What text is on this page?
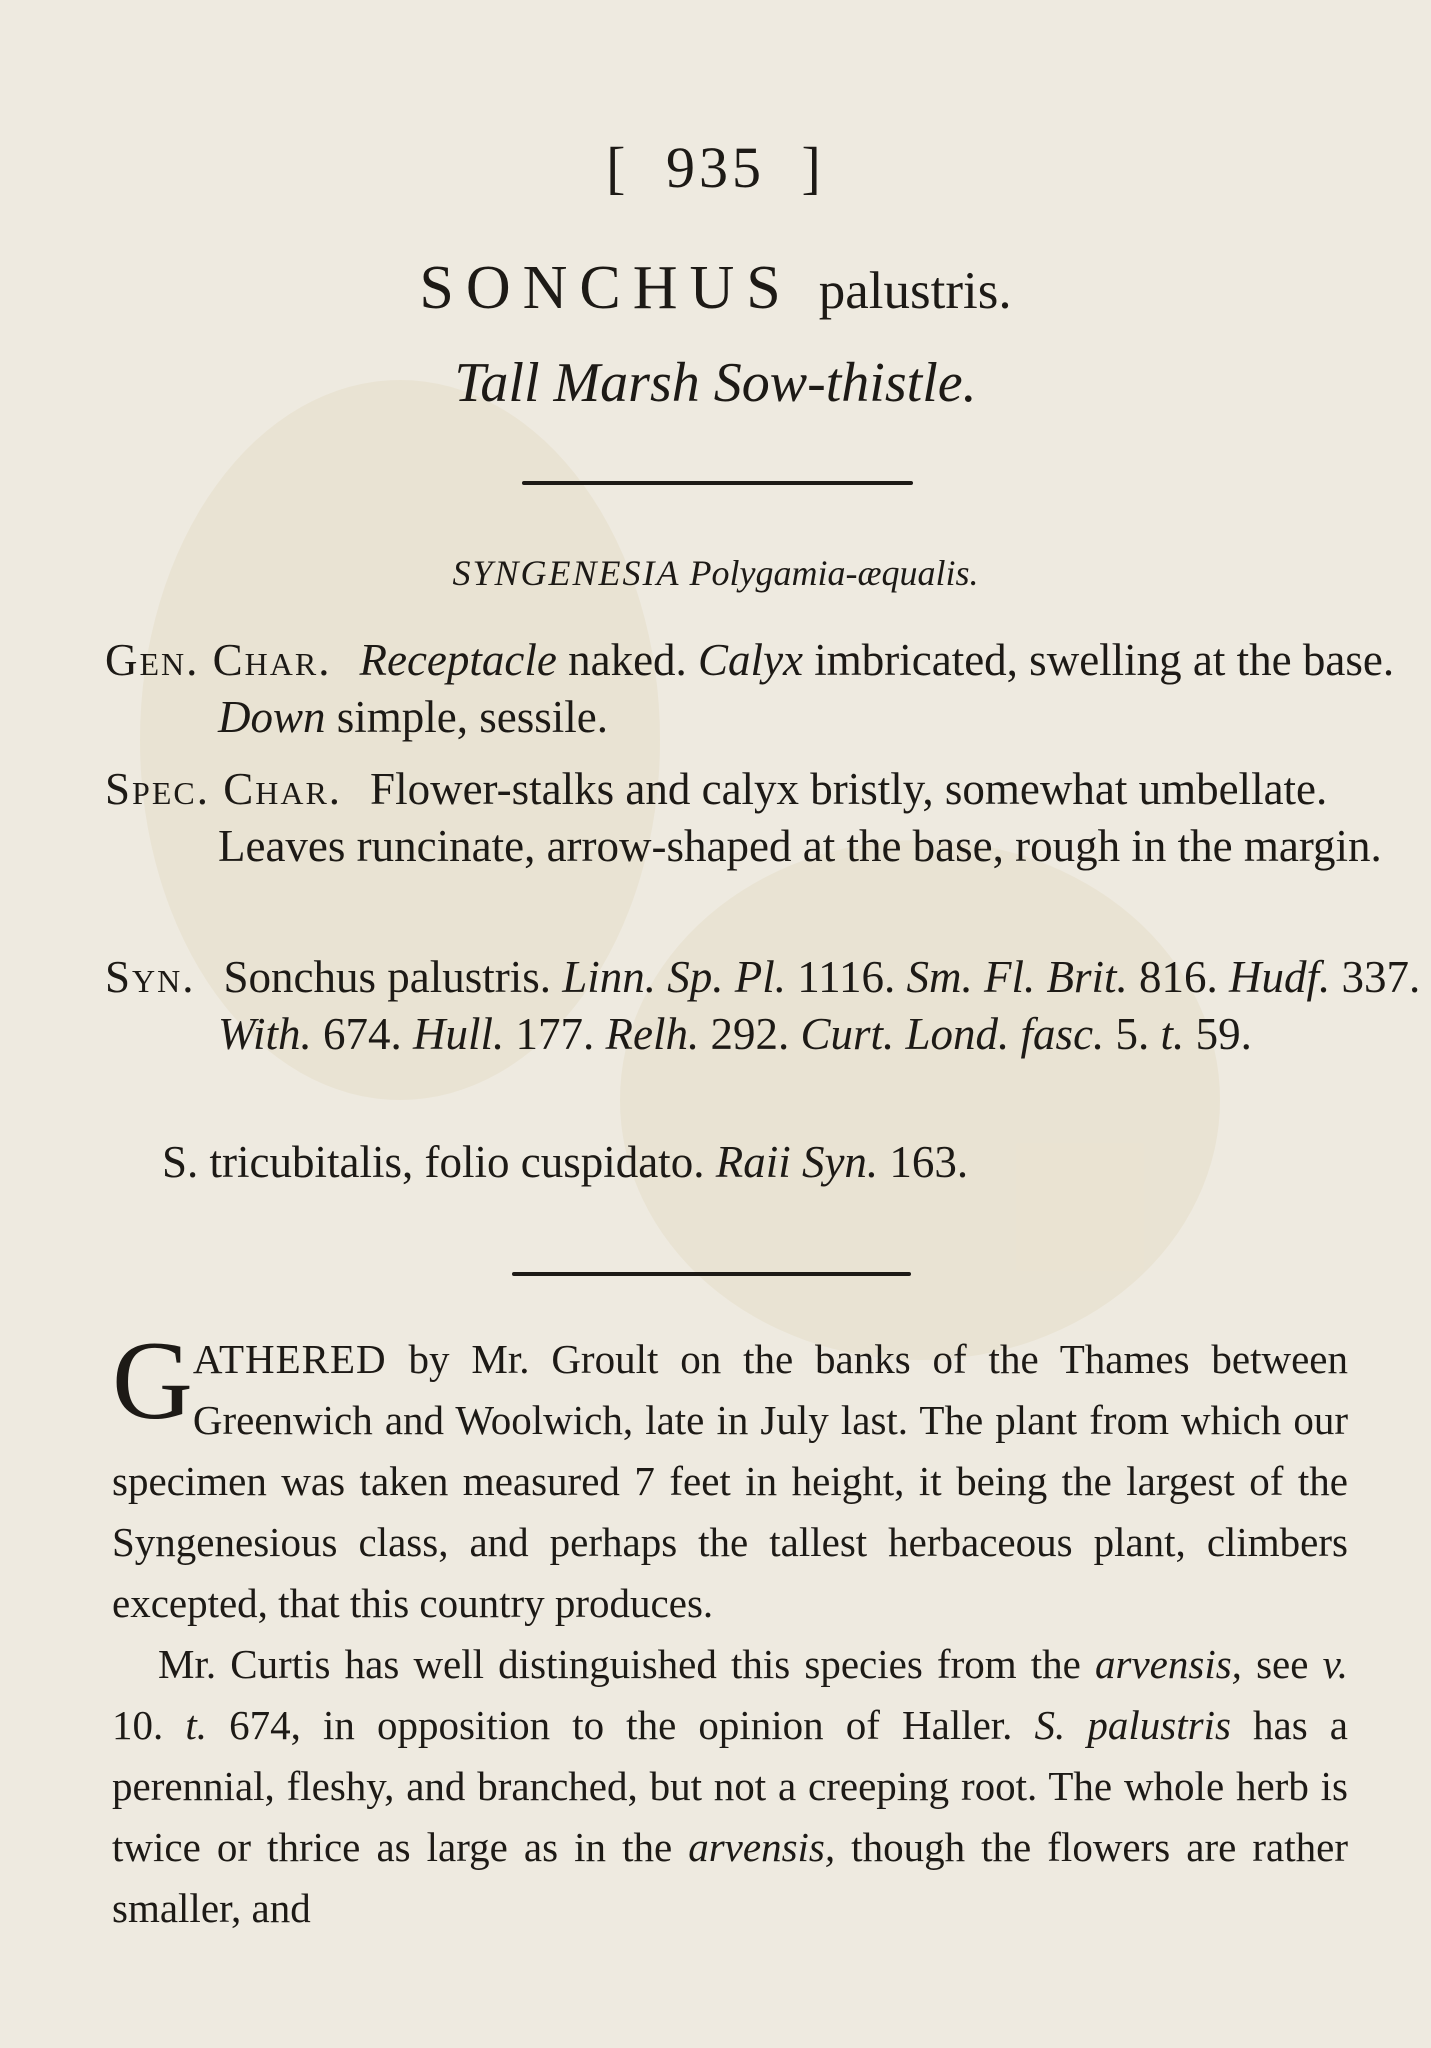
[ 935 ]
SONCHUS palustris.
Tall Marsh Sow-thistle.
SYNGENESIA Polygamia-æqualis.
Gen. Char. Receptacle naked. Calyx imbricated, swelling at the base. Down simple, sessile.
Spec. Char. Flower-stalks and calyx bristly, somewhat umbellate. Leaves runcinate, arrow-shaped at the base, rough in the margin.
Syn. Sonchus palustris. Linn. Sp. Pl. 1116. Sm. Fl. Brit. 816. Hudf. 337. With. 674. Hull. 177. Relh. 292. Curt. Lond. fasc. 5. t. 59.
S. tricubitalis, folio cuspidato. Raii Syn. 163.

GATHERED by Mr. Groult on the banks of the Thames between Greenwich and Woolwich, late in July last. The plant from which our specimen was taken measured 7 feet in height, it being the largest of the Syngenesious class, and perhaps the tallest herbaceous plant, climbers excepted, that this country produces.

Mr. Curtis has well distinguished this species from the arvensis, see v. 10. t. 674, in opposition to the opinion of Haller. S. palustris has a perennial, fleshy, and branched, but not a creeping root. The whole herb is twice or thrice as large as in the arvensis, though the flowers are rather smaller, and
